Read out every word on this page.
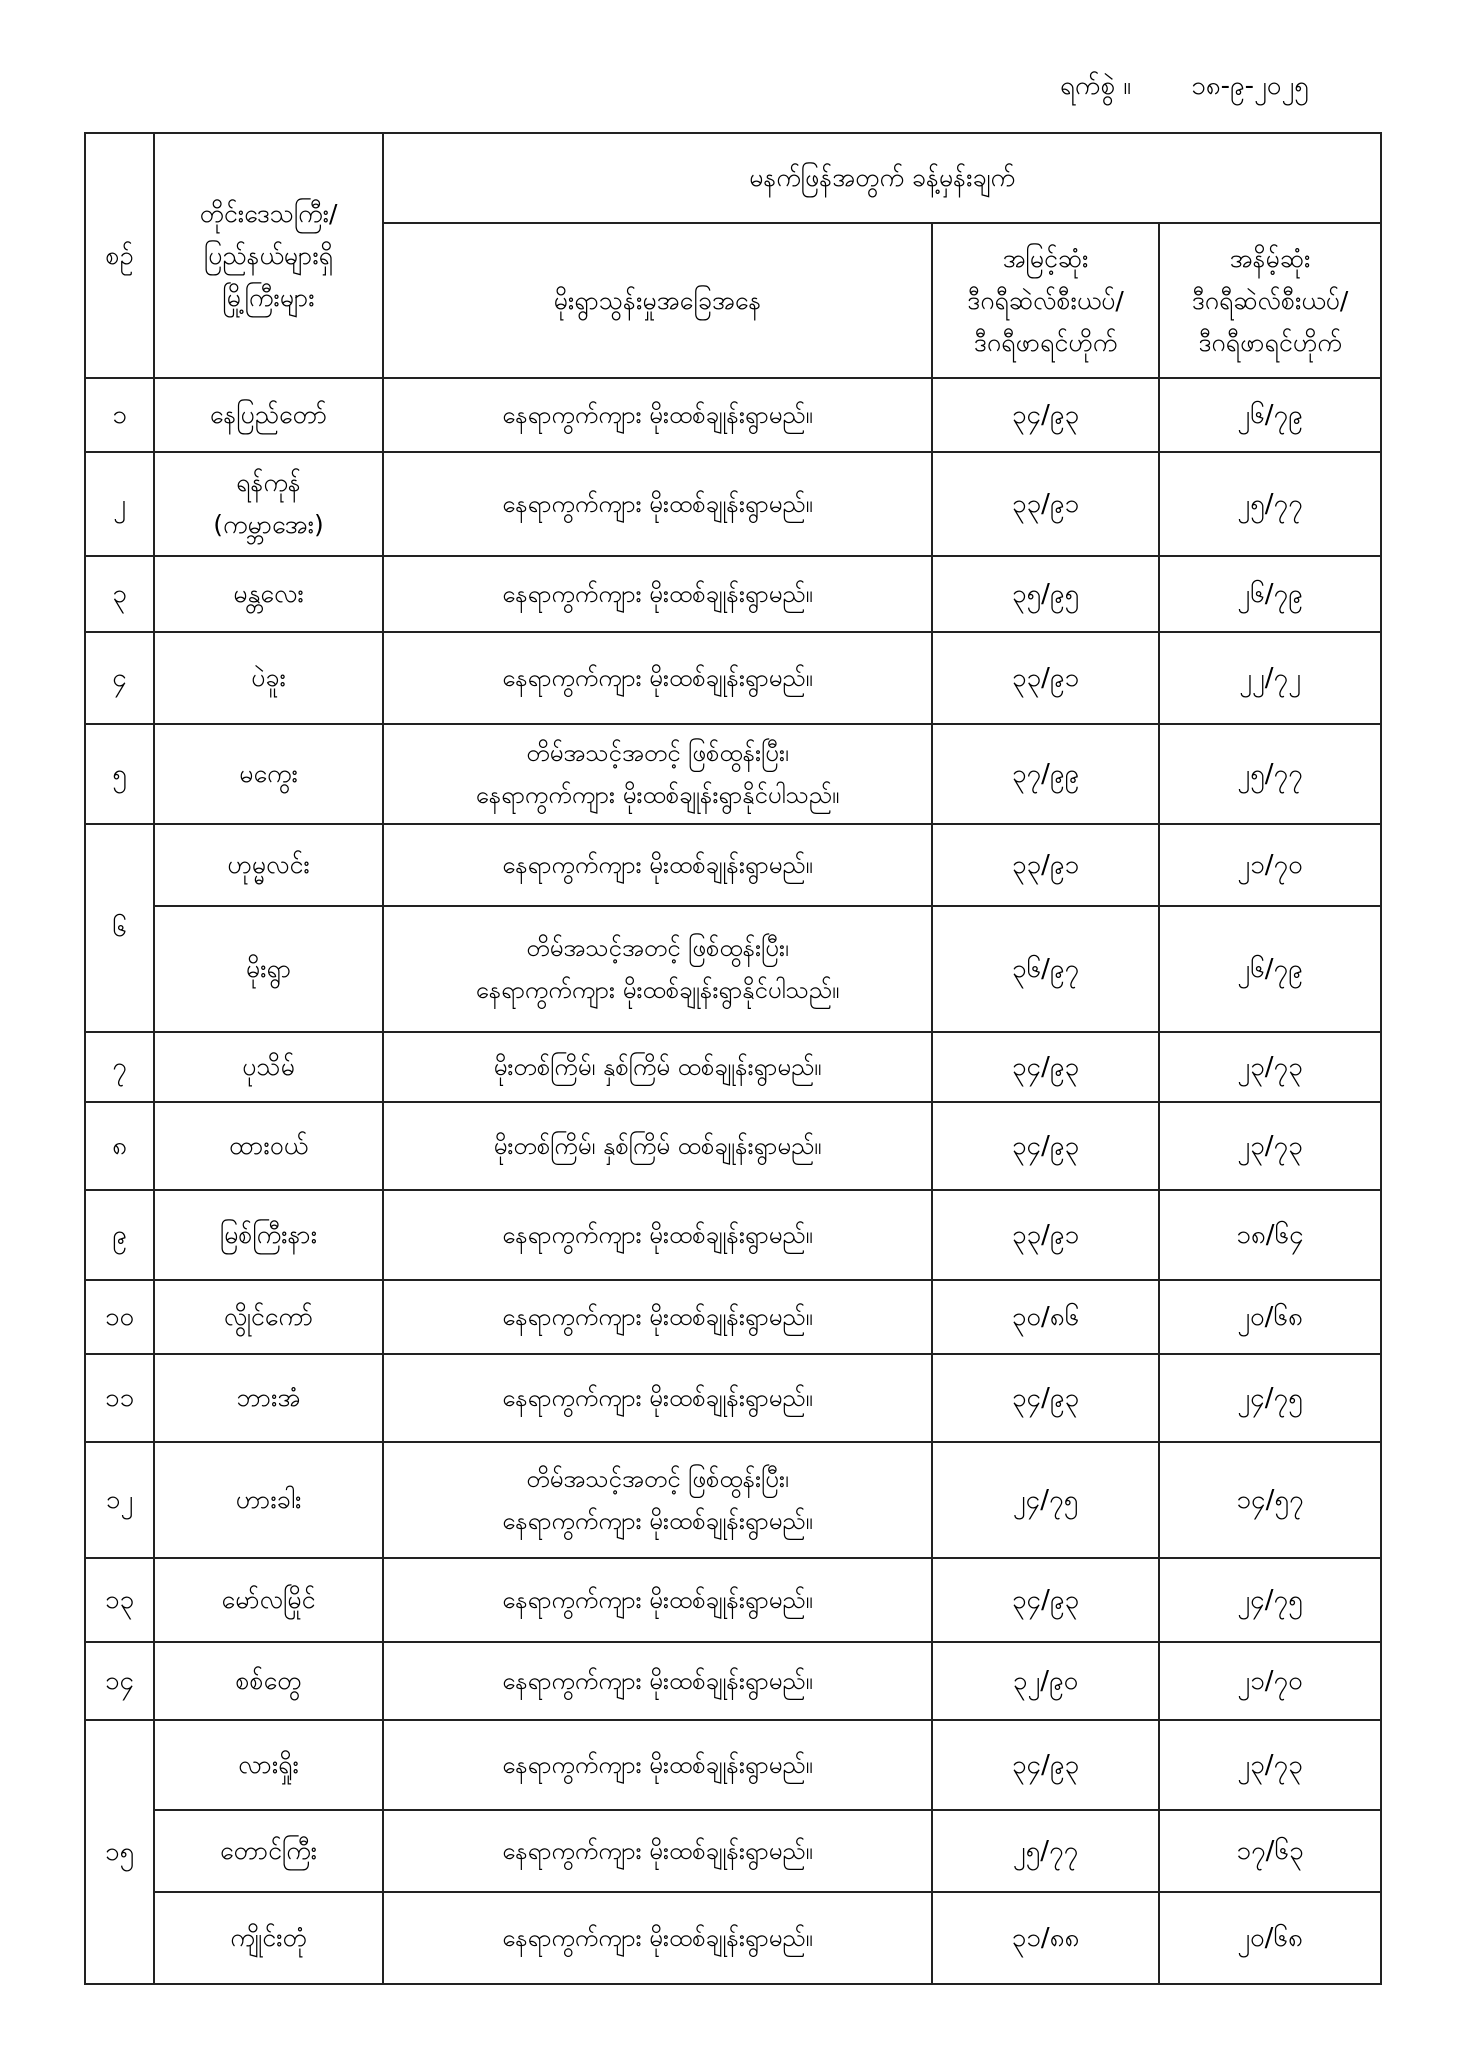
ရက်စွဲ ။ ၁၈-၉-၂၀၂၅
စဉ်	တိုင်းဒေသကြီး/
ပြည်နယ်များရှိ
မြို့ကြီးများ	မနက်ဖြန်အတွက် ခန့်မှန်းချက်		
		မိုးရွာသွန်းမှုအခြေအနေ	အမြင့်ဆုံး
ဒီဂရီဆဲလ်စီးယပ်/
ဒီဂရီဖာရင်ဟိုက်	အနိမ့်ဆုံး
ဒီဂရီဆဲလ်စီးယပ်/
ဒီဂရီဖာရင်ဟိုက်

၁	နေပြည်တော်	နေရာကွက်ကျား မိုးထစ်ချုန်းရွာမည်။	၃၄/၉၃	၂၆/၇၉
၂	ရန်ကုန်
(ကမ္ဘာအေး)	နေရာကွက်ကျား မိုးထစ်ချုန်းရွာမည်။	၃၃/၉၁	၂၅/၇၇
၃	မန္တလေး	နေရာကွက်ကျား မိုးထစ်ချုန်းရွာမည်။	၃၅/၉၅	၂၆/၇၉
၄	ပဲခူး	နေရာကွက်ကျား မိုးထစ်ချုန်းရွာမည်။	၃၃/၉၁	၂၂/၇၂
၅	မကွေး	တိမ်အသင့်အတင့် ဖြစ်ထွန်းပြီး၊
နေရာကွက်ကျား မိုးထစ်ချုန်းရွာနိုင်ပါသည်။	၃၇/၉၉	၂၅/၇၇
၆	ဟုမ္မလင်း	နေရာကွက်ကျား မိုးထစ်ချုန်းရွာမည်။	၃၃/၉၁	၂၁/၇၀

	မိုးရွာ	တိမ်အသင့်အတင့် ဖြစ်ထွန်းပြီး၊
နေရာကွက်ကျား မိုးထစ်ချုန်းရွာနိုင်ပါသည်။	၃၆/၉၇	၂၆/၇၉
၇	ပုသိမ်	မိုးတစ်ကြိမ်၊ နှစ်ကြိမ် ထစ်ချုန်းရွာမည်။	၃၄/၉၃	၂၃/၇၃
၈	ထားဝယ်	မိုးတစ်ကြိမ်၊ နှစ်ကြိမ် ထစ်ချုန်းရွာမည်။	၃၄/၉၃	၂၃/၇၃
၉	မြစ်ကြီးနား	နေရာကွက်ကျား မိုးထစ်ချုန်းရွာမည်။	၃၃/၉၁	၁၈/၆၄
၁၀	လွိုင်ကော်	နေရာကွက်ကျား မိုးထစ်ချုန်းရွာမည်။	၃၀/၈၆	၂၀/၆၈
၁၁	ဘားအံ	နေရာကွက်ကျား မိုးထစ်ချုန်းရွာမည်။	၃၄/၉၃	၂၄/၇၅
၁၂	ဟားခါး	တိမ်အသင့်အတင့် ဖြစ်ထွန်းပြီး၊
နေရာကွက်ကျား မိုးထစ်ချုန်းရွာမည်။	၂၄/၇၅	၁၄/၅၇
၁၃	မော်လမြိုင်	နေရာကွက်ကျား မိုးထစ်ချုန်းရွာမည်။	၃၄/၉၃	၂၄/၇၅
၁၄	စစ်တွေ	နေရာကွက်ကျား မိုးထစ်ချုန်းရွာမည်။	၃၂/၉၀	၂၁/၇၀
၁၅	လားရှိုး	နေရာကွက်ကျား မိုးထစ်ချုန်းရွာမည်။	၃၄/၉၃	၂၃/၇၃

	တောင်ကြီး	နေရာကွက်ကျား မိုးထစ်ချုန်းရွာမည်။	၂၅/၇၇	၁၇/၆၃

	ကျိုင်းတုံ	နေရာကွက်ကျား မိုးထစ်ချုန်းရွာမည်။	၃၁/၈၈	၂၀/၆၈
